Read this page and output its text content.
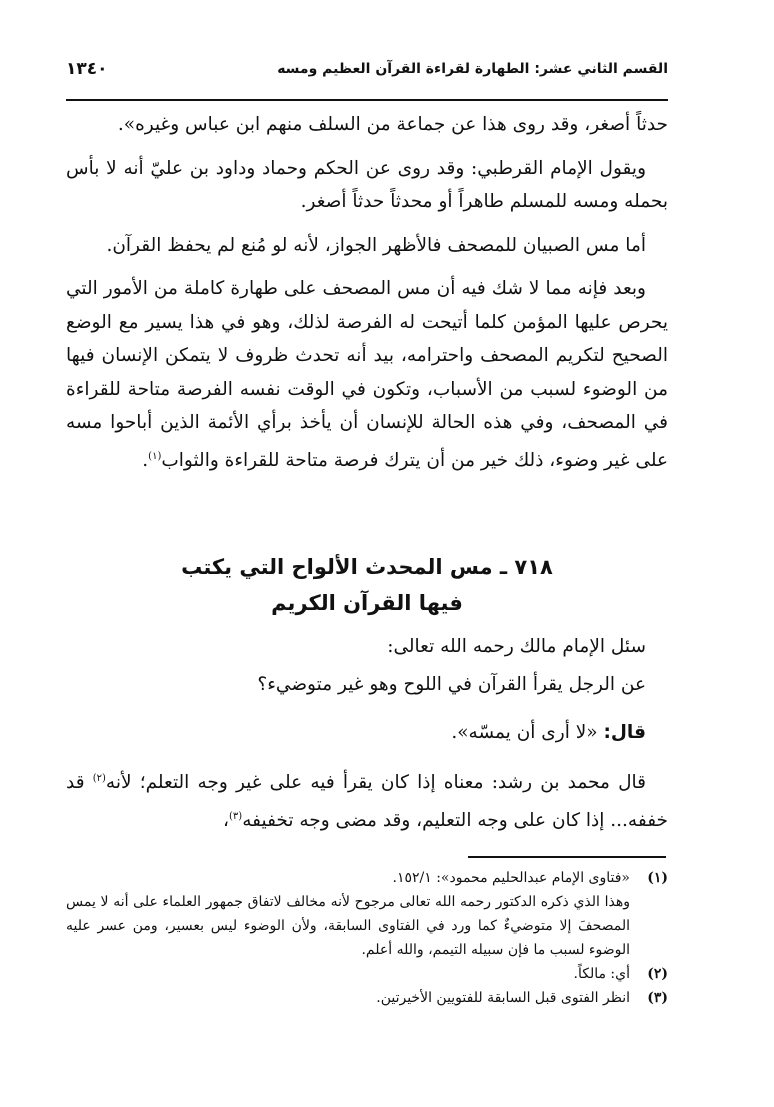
القسم الثاني عشر: الطهارة لقراءة القرآن العظيم ومسه
١٣٤٠

حدثاً أصغر، وقد روى هذا عن جماعة من السلف منهم ابن عباس وغيره».

ويقول الإمام القرطبي: وقد روى عن الحكم وحماد وداود بن عليّ أنه لا بأس بحمله ومسه للمسلم طاهراً أو محدثاً حدثاً أصغر.

أما مس الصبيان للمصحف فالأظهر الجواز، لأنه لو مُنع لم يحفظ القرآن.

وبعد فإنه مما لا شك فيه أن مس المصحف على طهارة كاملة من الأمور التي يحرص عليها المؤمن كلما أتيحت له الفرصة لذلك، وهو في هذا يسير مع الوضع الصحيح لتكريم المصحف واحترامه، بيد أنه تحدث ظروف لا يتمكن الإنسان فيها من الوضوء لسبب من الأسباب، وتكون في الوقت نفسه الفرصة متاحة للقراءة في المصحف، وفي هذه الحالة للإنسان أن يأخذ برأي الأئمة الذين أباحوا مسه على غير وضوء، ذلك خير من أن يترك فرصة متاحة للقراءة والثواب$^{(١)}$.

٧١٨ ـ مس المحدث الألواح التي يكتب
فيها القرآن الكريم

سئل الإمام مالك رحمه الله تعالى:

عن الرجل يقرأ القرآن في اللوح وهو غير متوضيء؟

قال: «لا أرى أن يمسّه».

قال محمد بن رشد: معناه إذا كان يقرأ فيه على غير وجه التعلم؛ لأنه$^{(٢)}$ قد خففه... إذا كان على وجه التعليم، وقد مضى وجه تخفيفه$^{(٣)}$،

(١)
«فتاوى الإمام عبدالحليم محمود»: ١٥٢/١.

وهذا الذي ذكره الدكتور رحمه الله تعالى مرجوح لأنه مخالف لاتفاق جمهور العلماء على أنه لا يمس المصحفَ إلا متوضيءٌ كما ورد في الفتاوى السابقة، ولأن الوضوء ليس بعسير، ومن عسر عليه الوضوء لسبب ما فإن سبيله التيمم، والله أعلم.

(٢)
أي: مالكاً.

(٣)
انظر الفتوى قبل السابقة للفتويين الأخيرتين.
